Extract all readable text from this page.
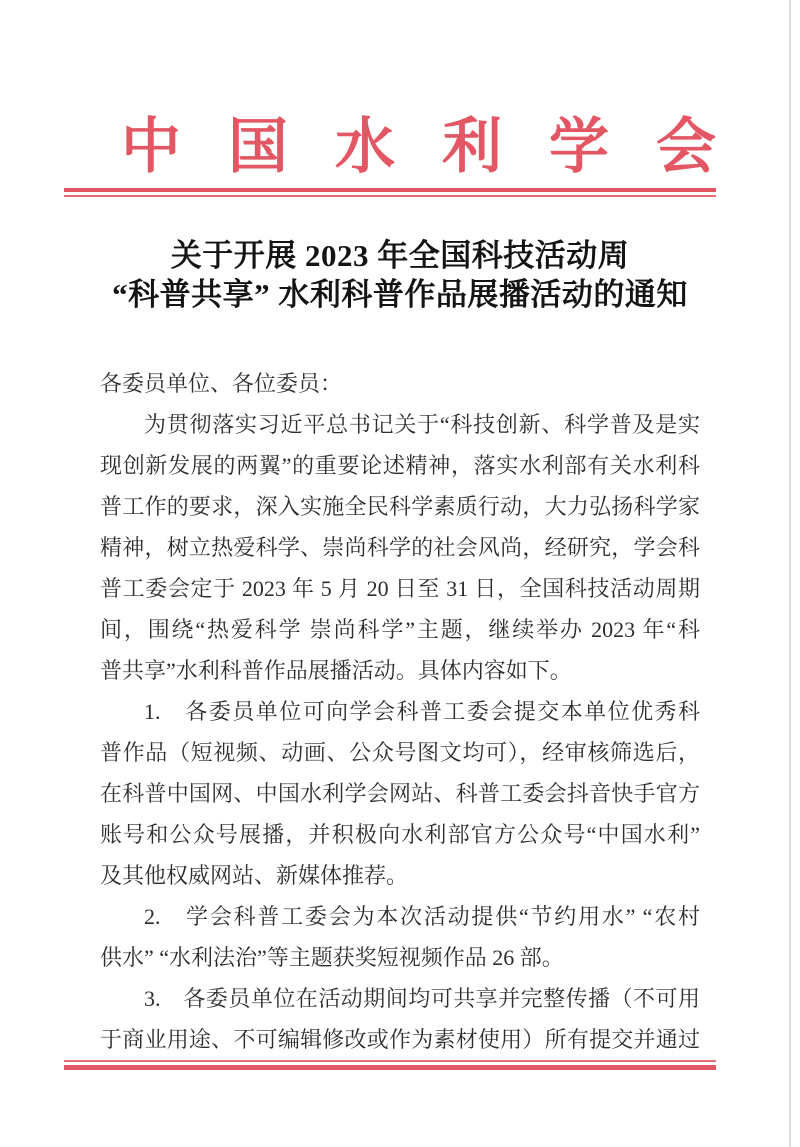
中国水利学会
关于开展 2023 年全国科技活动周
“科普共享” 水利科普作品展播活动的通知
各委员单位、各位委员：
为贯彻落实习近平总书记关于“科技创新、科学普及是实
现创新发展的两翼”的重要论述精神，落实水利部有关水利科
普工作的要求，深入实施全民科学素质行动，大力弘扬科学家
精神，树立热爱科学、崇尚科学的社会风尚，经研究，学会科
普工委会定于 2023 年 5 月 20 日至 31 日，全国科技活动周期
间，围绕“热爱科学 崇尚科学”主题，继续举办 2023 年“科
普共享”水利科普作品展播活动。具体内容如下。
1.　各委员单位可向学会科普工委会提交本单位优秀科
普作品（短视频、动画、公众号图文均可），经审核筛选后，
在科普中国网、中国水利学会网站、科普工委会抖音快手官方
账号和公众号展播，并积极向水利部官方公众号“中国水利”
及其他权威网站、新媒体推荐。
2.　学会科普工委会为本次活动提供“节约用水” “农村
供水” “水利法治”等主题获奖短视频作品 26 部。
3.　各委员单位在活动期间均可共享并完整传播（不可用
于商业用途、不可编辑修改或作为素材使用）所有提交并通过
